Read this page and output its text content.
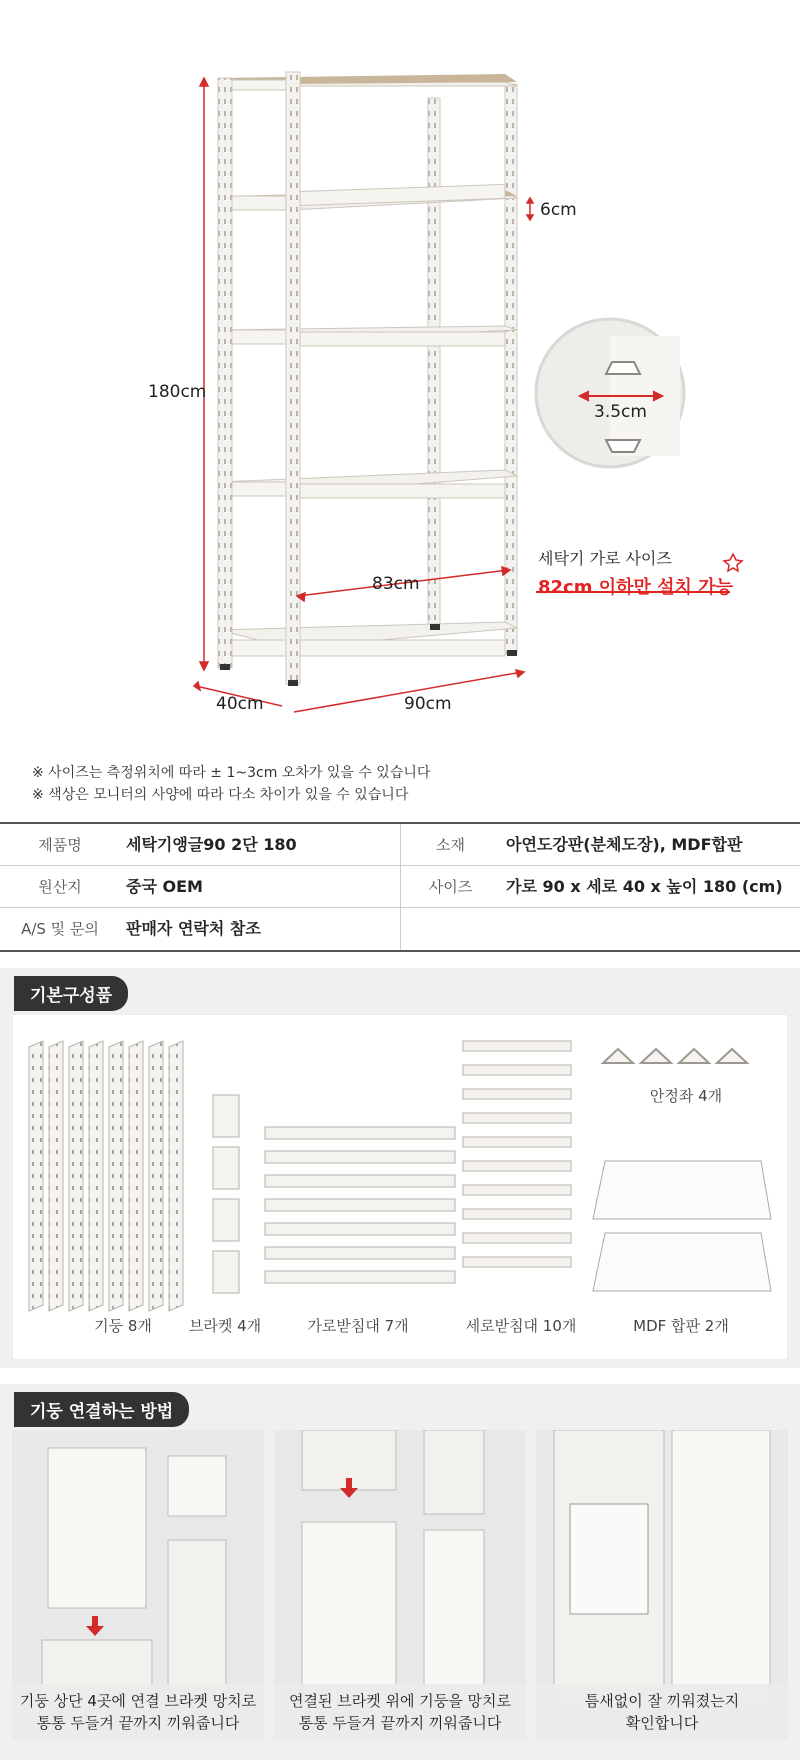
180cm
6cm
3.5cm
83cm
40cm	90cm
세탁기 가로 사이즈
82cm 이하만 설치 가능
※ 사이즈는 측정위치에 따라 ± 1~3cm 오차가 있을 수 있습니다
※ 색상은 모니터의 사양에 따라 다소 차이가 있을 수 있습니다
제품명	세탁기앵글90 2단 180	소재	아연도강판(분체도장), MDF합판
원산지	중국 OEM	사이즈	가로 90 x 세로 40 x 높이 180 (cm)
A/S 및 문의	판매자 연락처 참조
기본구성품
기둥 8개	브라켓 4개	가로받침대 7개	세로받침대 10개
안정좌 4개
MDF 합판 2개
기둥 연결하는 방법
기둥 상단 4곳에 연결 브라켓 망치로
통통 두들겨 끝까지 끼워줍니다
연결된 브라켓 위에 기둥을 망치로
통통 두들겨 끝까지 끼워줍니다
틈새없이 잘 끼워졌는지
확인합니다
